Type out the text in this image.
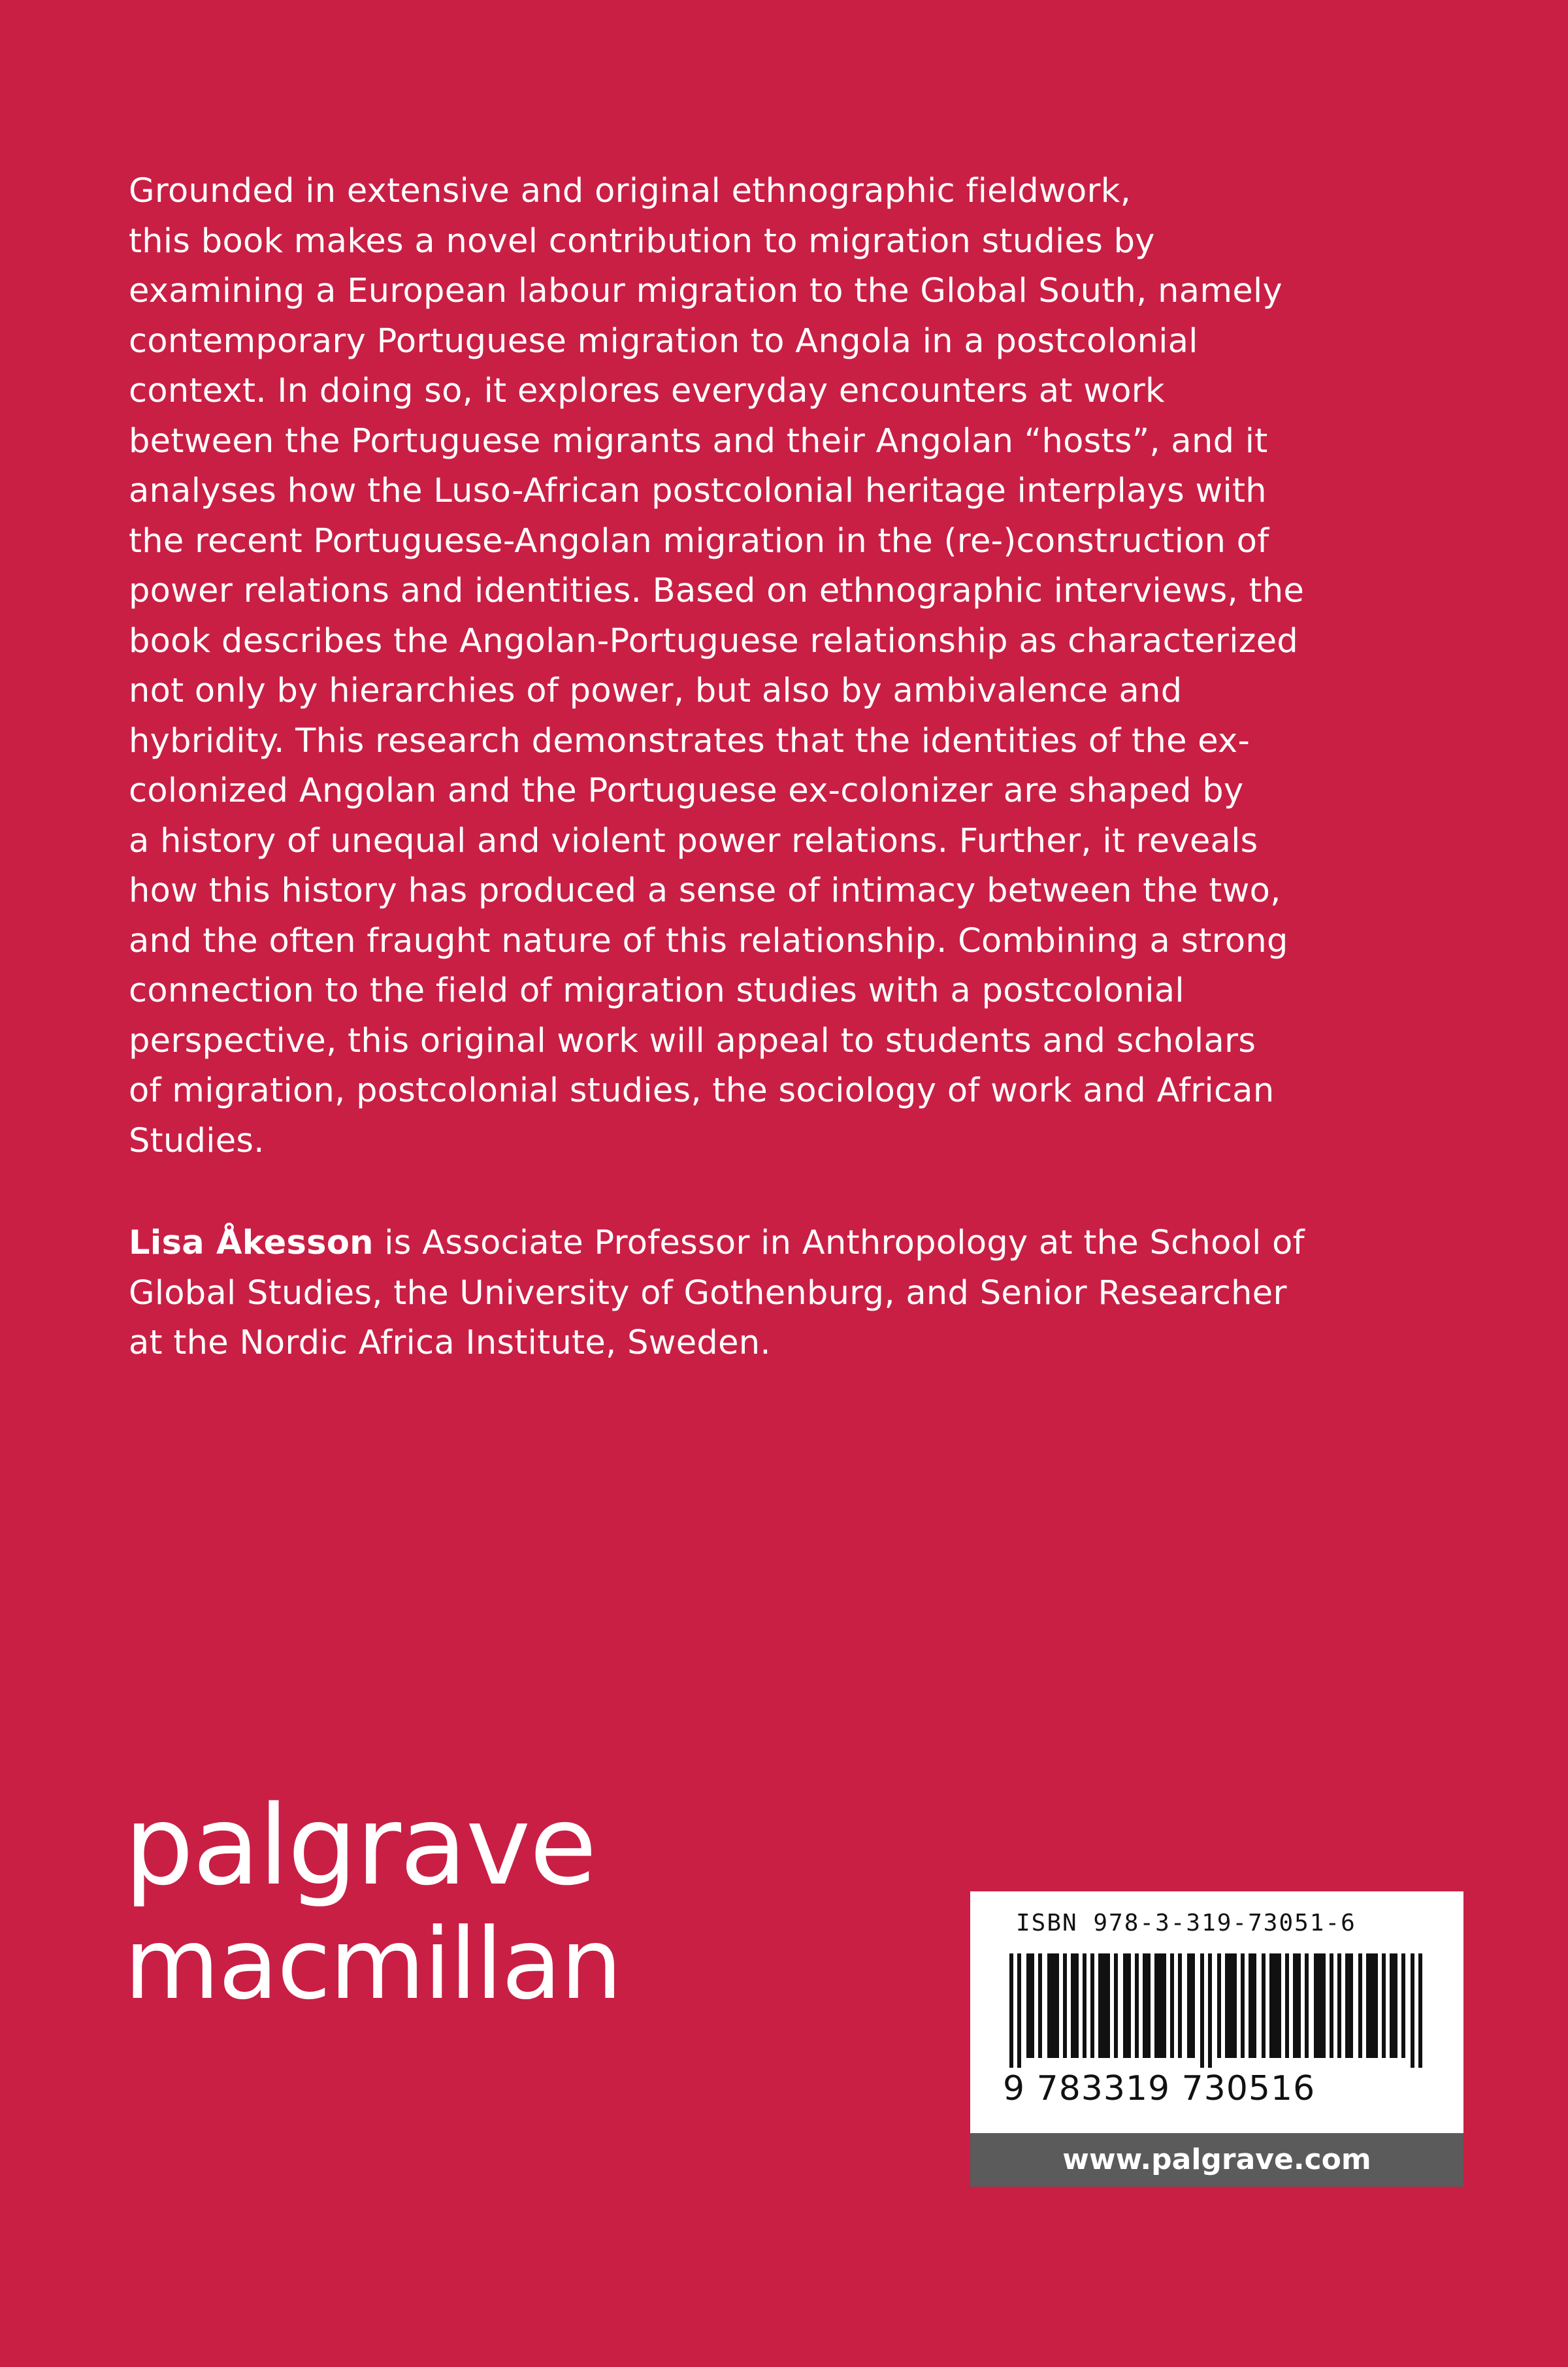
Grounded in extensive and original ethnographic fieldwork,
this book makes a novel contribution to migration studies by
examining a European labour migration to the Global South, namely
contemporary Portuguese migration to Angola in a postcolonial
context. In doing so, it explores everyday encounters at work
between the Portuguese migrants and their Angolan “hosts”, and it
analyses how the Luso-African postcolonial heritage interplays with
the recent Portuguese-Angolan migration in the (re-)construction of
power relations and identities. Based on ethnographic interviews, the
book describes the Angolan-Portuguese relationship as characterized
not only by hierarchies of power, but also by ambivalence and
hybridity. This research demonstrates that the identities of the ex-
colonized Angolan and the Portuguese ex-colonizer are shaped by
a history of unequal and violent power relations. Further, it reveals
how this history has produced a sense of intimacy between the two,
and the often fraught nature of this relationship. Combining a strong
connection to the field of migration studies with a postcolonial
perspective, this original work will appeal to students and scholars
of migration, postcolonial studies, the sociology of work and African
Studies.
Lisa Åkesson is Associate Professor in Anthropology at the School of
Global Studies, the University of Gothenburg, and Senior Researcher
at the Nordic Africa Institute, Sweden.
palgrave
macmillan	ISBN 978-3-319-73051-6
9 783319 730516
www.palgrave.com
